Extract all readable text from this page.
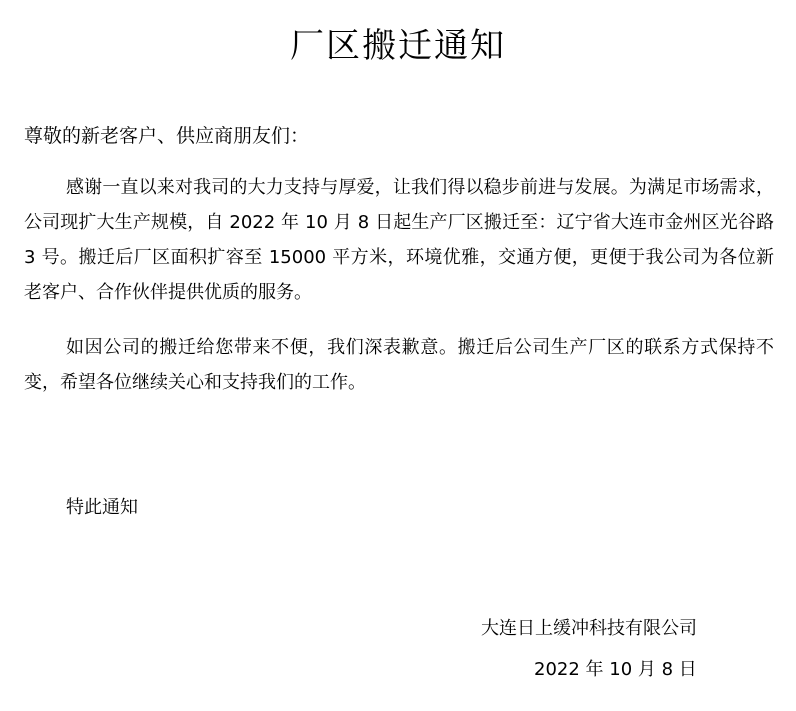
厂区搬迁通知

尊敬的新老客户、供应商朋友们：

感谢一直以来对我司的大力支持与厚爱，让我们得以稳步前进与发展。为满足市场需求，公司现扩大生产规模，自 2022 年 10 月 8 日起生产厂区搬迁至：辽宁省大连市金州区光谷路 3 号。搬迁后厂区面积扩容至 15000 平方米，环境优雅，交通方便，更便于我公司为各位新老客户、合作伙伴提供优质的服务。

如因公司的搬迁给您带来不便，我们深表歉意。搬迁后公司生产厂区的联系方式保持不变，希望各位继续关心和支持我们的工作。

特此通知

大连日上缓冲科技有限公司

2022 年 10 月 8 日
